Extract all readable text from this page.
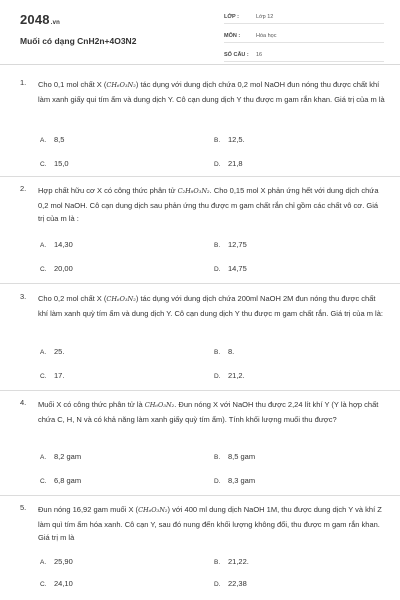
2048.vn
Muối có dạng CnH2n+4O3N2
LỚP :	Lớp 12
MÔN :	Hóa học
SỐ CÂU :	16
1. Cho 0,1 mol chất X (CH₆O₃N₂) tác dụng với dung dịch chứa 0,2 mol NaOH đun nóng thu được chất khí làm xanh giấy qui tím ẩm và dung dịch Y. Cô cạn dung dịch Y thu được m gam rắn khan. Giá trị của m là
A. 8,5	B. 12,5.
C. 15,0	D. 21,8
2. Hợp chất hữu cơ X có công thức phân tử C₂H₈O₃N₂. Cho 0,15 mol X phản ứng hết với dung dịch chứa 0,2 mol NaOH. Cô cạn dung dịch sau phản ứng thu được m gam chất rắn chỉ gồm các chất vô cơ. Giá trị của m là :
A. 14,30	B. 12,75
C. 20,00	D. 14,75
3. Cho 0,2 mol chất X (CH₆O₃N₂) tác dụng với dung dịch chứa 200ml NaOH 2M đun nóng thu được chất khí làm xanh quỳ tím ẩm và dung dịch Y. Cô cạn dung dịch Y thu được m gam chất rắn. Giá trị của m là:
A. 25.	B. 8.
C. 17.	D. 21,2.
4. Muối X có công thức phân tử là CH₆O₃N₂. Đun nóng X với NaOH thu được 2,24 lít khí Y (Y là hợp chất chứa C, H, N và có khả năng làm xanh giấy quỳ tím ẩm). Tính khối lượng muối thu được?
A. 8,2 gam	B. 8,5 gam
C. 6,8 gam	D. 8,3 gam
5. Đun nóng 16,92 gam muối X (CH₆O₃N₂) với 400 ml dung dịch NaOH 1M, thu được dung dịch Y và khí Z làm quì tím ẩm hóa xanh. Cô cạn Y, sau đó nung đến khối lượng không đổi, thu được m gam rắn khan. Giá trị m là
A. 25,90	B. 21,22.
C. 24,10	D. 22,38
